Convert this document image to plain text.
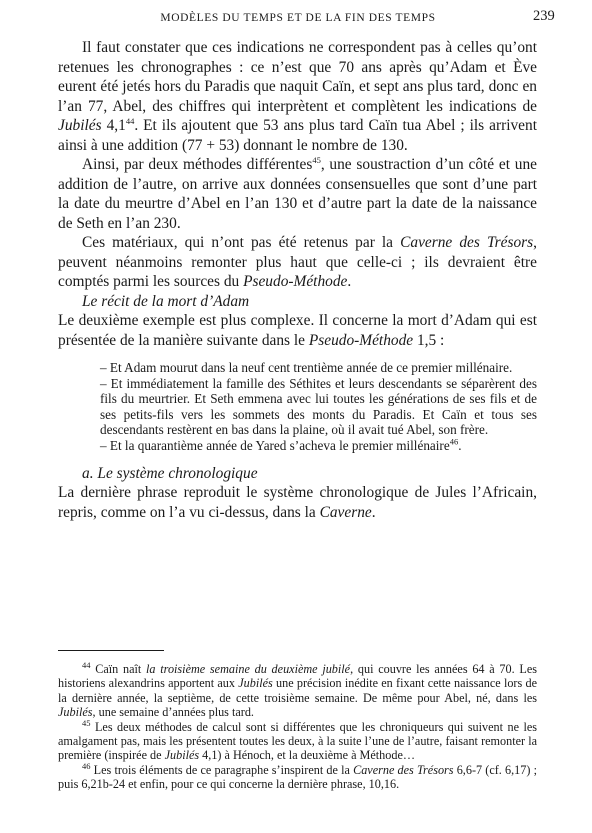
MODÈLES DU TEMPS ET DE LA FIN DES TEMPS	239

Il faut constater que ces indications ne correspondent pas à celles qu’ont retenues les chronographes : ce n’est que 70 ans après qu’Adam et Ève eurent été jetés hors du Paradis que naquit Caïn, et sept ans plus tard, donc en l’an 77, Abel, des chiffres qui interprètent et complètent les indications de Jubilés $4,1^{44}$. Et ils ajoutent que 53 ans plus tard Caïn tua Abel ; ils arrivent ainsi à une addition (77 + 53) donnant le nombre de 130.

Ainsi, par deux méthodes différentes$^{45}$, une soustraction d’un côté et une addition de l’autre, on arrive aux données consensuelles que sont d’une part la date du meurtre d’Abel en l’an 130 et d’autre part la date de la naissance de Seth en l’an 230.

Ces matériaux, qui n’ont pas été retenus par la Caverne des Trésors, peuvent néanmoins remonter plus haut que celle-ci ; ils devraient être comptés parmi les sources du Pseudo-Méthode.

Le récit de la mort d’Adam

Le deuxième exemple est plus complexe. Il concerne la mort d’Adam qui est présentée de la manière suivante dans le Pseudo-Méthode 1,5 :

– Et Adam mourut dans la neuf cent trentième année de ce premier millénaire.
– Et immédiatement la famille des Séthites et leurs descendants se séparèrent des fils du meurtrier. Et Seth emmena avec lui toutes les générations de ses fils et de ses petits-fils vers les sommets des monts du Paradis. Et Caïn et tous ses descendants restèrent en bas dans la plaine, où il avait tué Abel, son frère.
– Et la quarantième année de Yared s’acheva le premier millénaire$^{46}$.

a. Le système chronologique

La dernière phrase reproduit le système chronologique de Jules l’Africain, repris, comme on l’a vu ci-dessus, dans la Caverne.

$^{44}$ Caïn naît la troisième semaine du deuxième jubilé, qui couvre les années 64 à 70. Les historiens alexandrins apportent aux Jubilés une précision inédite en fixant cette naissance lors de la dernière année, la septième, de cette troisième semaine. De même pour Abel, né, dans les Jubilés, une semaine d’années plus tard.

$^{45}$ Les deux méthodes de calcul sont si différentes que les chroniqueurs qui suivent ne les amalgament pas, mais les présentent toutes les deux, à la suite l’une de l’autre, faisant remonter la première (inspirée de Jubilés 4,1) à Hénoch, et la deuxième à Méthode…

$^{46}$ Les trois éléments de ce paragraphe s’inspirent de la Caverne des Trésors 6,6-7 (cf. 6,17) ; puis 6,21b-24 et enfin, pour ce qui concerne la dernière phrase, 10,16.
